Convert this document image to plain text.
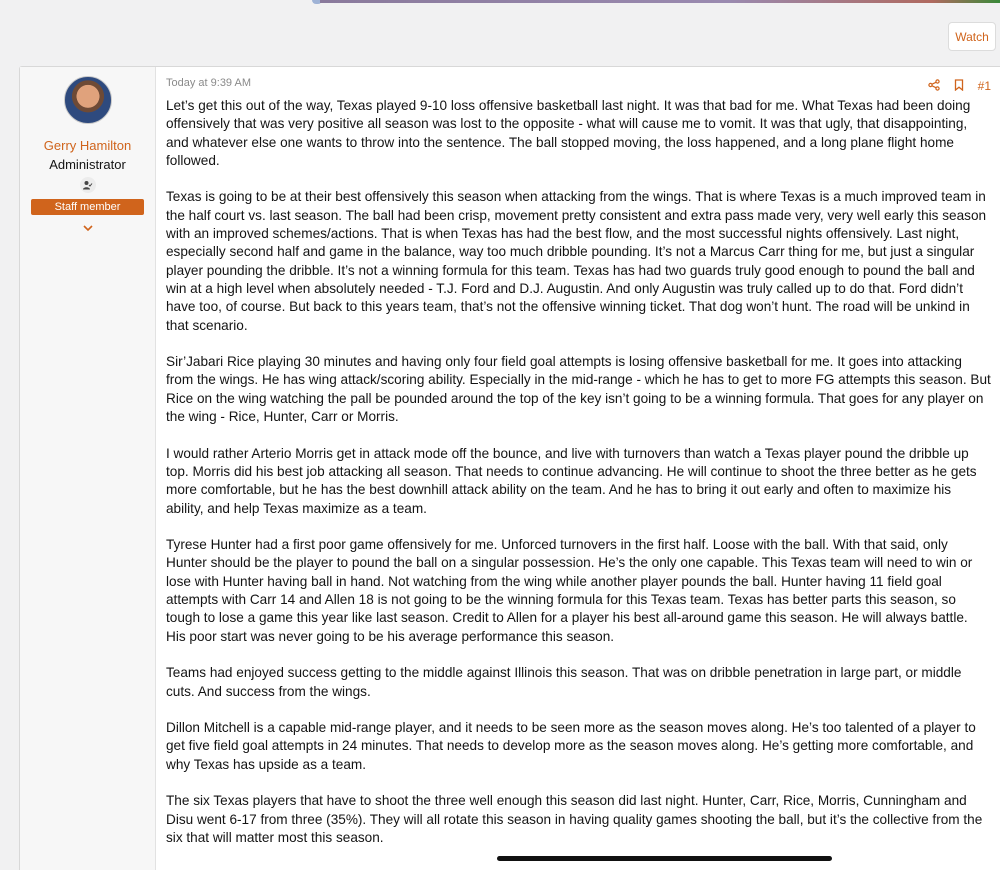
Watch
Gerry Hamilton
Administrator
Staff member
Today at 9:39 AM	#1

Let’s get this out of the way, Texas played 9-10 loss offensive basketball last night. It was that bad for me. What Texas had been doing offensively that was very positive all season was lost to the opposite - what will cause me to vomit. It was that ugly, that disappointing, and whatever else one wants to throw into the sentence. The ball stopped moving, the loss happened, and a long plane flight home followed.

Texas is going to be at their best offensively this season when attacking from the wings. That is where Texas is a much improved team in the half court vs. last season. The ball had been crisp, movement pretty consistent and extra pass made very, very well early this season with an improved schemes/actions. That is when Texas has had the best flow, and the most successful nights offensively. Last night, especially second half and game in the balance, way too much dribble pounding. It’s not a Marcus Carr thing for me, but just a singular player pounding the dribble. It’s not a winning formula for this team. Texas has had two guards truly good enough to pound the ball and win at a high level when absolutely needed - T.J. Ford and D.J. Augustin. And only Augustin was truly called up to do that. Ford didn’t have too, of course. But back to this years team, that’s not the offensive winning ticket. That dog won’t hunt. The road will be unkind in that scenario.

Sir’Jabari Rice playing 30 minutes and having only four field goal attempts is losing offensive basketball for me. It goes into attacking from the wings. He has wing attack/scoring ability. Especially in the mid-range - which he has to get to more FG attempts this season. But Rice on the wing watching the pall be pounded around the top of the key isn’t going to be a winning formula. That goes for any player on the wing - Rice, Hunter, Carr or Morris.

I would rather Arterio Morris get in attack mode off the bounce, and live with turnovers than watch a Texas player pound the dribble up top. Morris did his best job attacking all season. That needs to continue advancing. He will continue to shoot the three better as he gets more comfortable, but he has the best downhill attack ability on the team. And he has to bring it out early and often to maximize his ability, and help Texas maximize as a team.

Tyrese Hunter had a first poor game offensively for me. Unforced turnovers in the first half. Loose with the ball. With that said, only Hunter should be the player to pound the ball on a singular possession. He’s the only one capable. This Texas team will need to win or lose with Hunter having ball in hand. Not watching from the wing while another player pounds the ball. Hunter having 11 field goal attempts with Carr 14 and Allen 18 is not going to be the winning formula for this Texas team. Texas has better parts this season, so tough to lose a game this year like last season. Credit to Allen for a player his best all-around game this season. He will always battle. His poor start was never going to be his average performance this season.

Teams had enjoyed success getting to the middle against Illinois this season. That was on dribble penetration in large part, or middle cuts. And success from the wings.

Dillon Mitchell is a capable mid-range player, and it needs to be seen more as the season moves along. He’s too talented of a player to get five field goal attempts in 24 minutes. That needs to develop more as the season moves along. He’s getting more comfortable, and why Texas has upside as a team.

The six Texas players that have to shoot the three well enough this season did last night. Hunter, Carr, Rice, Morris, Cunningham and Disu went 6-17 from three (35%). They will all rotate this season in having quality games shooting the ball, but it’s the collective from the six that will matter most this season.
